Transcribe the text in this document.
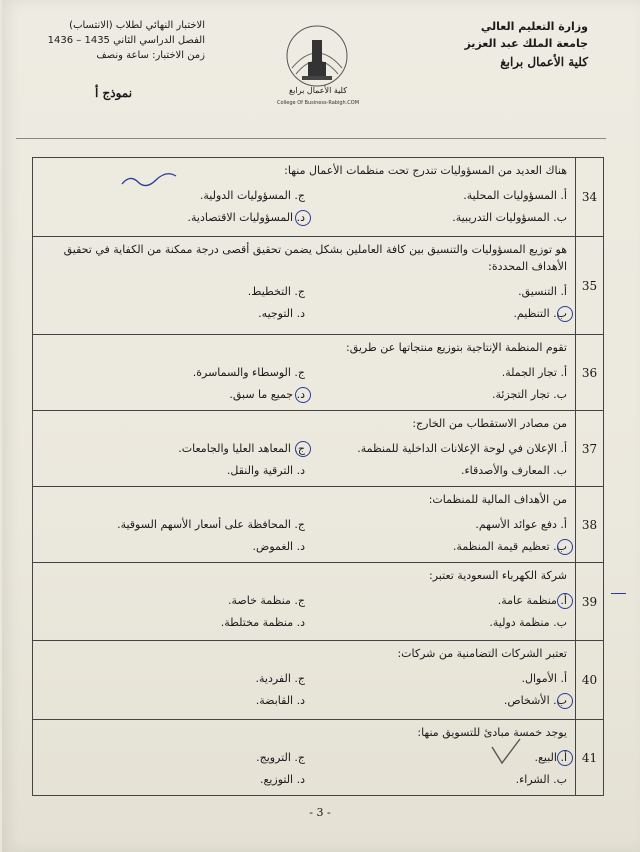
وزارة التعليم العالي
جامعة الملك عبد العزيز
كلية الأعمال برابغ
الاختبار النهائي لطلاب (الانتساب)
الفصل الدراسي الثاني 1435 – 1436
زمن الاختبار: ساعة ونصف
نموذج أ	كلية الأعمال برابغ
College Of Business-Rabigh.COM
هناك العديد من المسؤوليات تندرج تحت منظمات الأعمال منها:
أ. المسؤوليات المحلية.
ب. المسؤوليات التدريبية.
ج. المسؤوليات الدولية.
د. المسؤوليات الاقتصادية.	34

هو توزيع المسؤوليات والتنسيق بين كافة العاملين بشكل يضمن تحقيق أقصى درجة ممكنة من الكفاية في تحقيق الأهداف المحددة:
أ. التنسيق.
ب. التنظيم.
ج. التخطيط.
د. التوجيه.	35

تقوم المنظمة الإنتاجية بتوزيع منتجاتها عن طريق:
أ. تجار الجملة.
ب. تجار التجزئة.
ج. الوسطاء والسماسرة.
د. جميع ما سبق.	36

من مصادر الاستقطاب من الخارج:
أ. الإعلان في لوحة الإعلانات الداخلية للمنظمة.
ب. المعارف والأصدقاء.
ج. المعاهد العليا والجامعات.
د. الترقية والنقل.	37

من الأهداف المالية للمنظمات:
أ. دفع عوائد الأسهم.
ب. تعظيم قيمة المنظمة.
ج. المحافظة على أسعار الأسهم السوقية.
د. الغموض.	38

شركة الكهرباء السعودية تعتبر:
أ. منظمة عامة.
ب. منظمة دولية.
ج. منظمة خاصة.
د. منظمة مختلطة.	39

تعتبر الشركات التضامنية من شركات:
أ. الأموال.
ب. الأشخاص.
ج. الفردية.
د. القابضة.	40

يوجد خمسة مبادئ للتسويق منها:
أ. البيع.
ب. الشراء.
ج. الترويج.
د. التوزيع.	41
- 3 -
